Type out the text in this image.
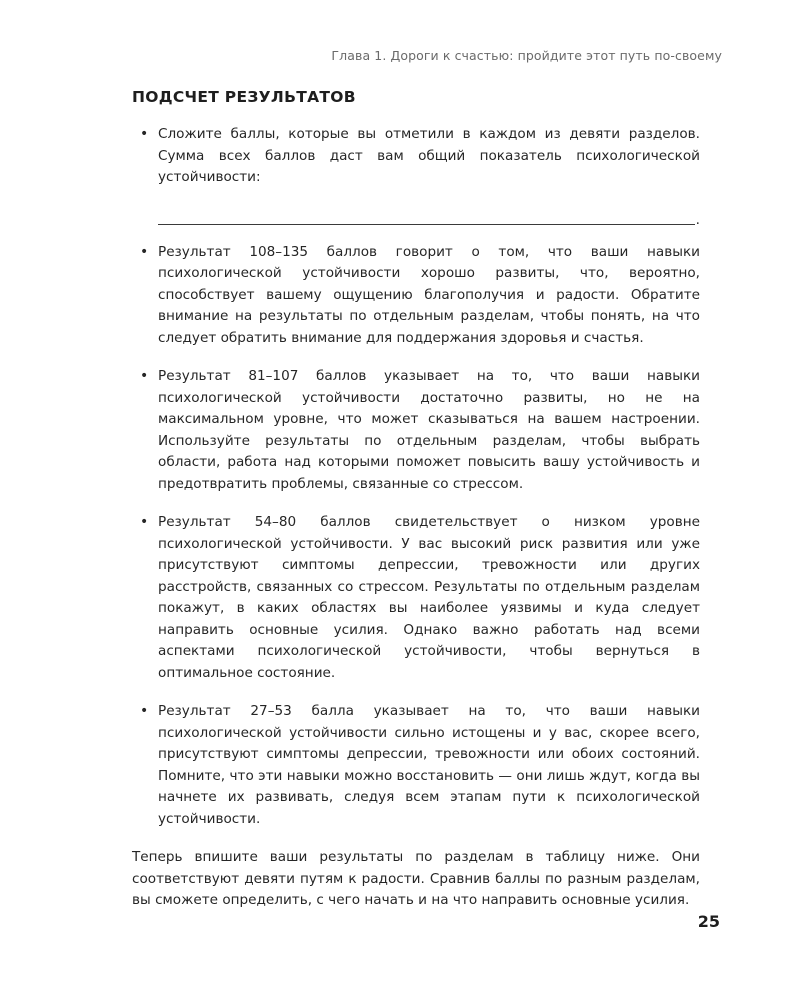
Глава 1. Дороги к счастью: пройдите этот путь по-своему
ПОДСЧЕТ РЕЗУЛЬТАТОВ
• Сложите баллы, которые вы отметили в каждом из девяти разделов. Сумма всех баллов даст вам общий показатель психологической устойчивости:
.
• Результат 108–135 баллов говорит о том, что ваши навыки психологической устойчивости хорошо развиты, что, вероятно, способствует вашему ощущению благополучия и радости. Обратите внимание на результаты по отдельным разделам, чтобы понять, на что следует обратить внимание для поддержания здоровья и счастья.
• Результат 81–107 баллов указывает на то, что ваши навыки психологической устойчивости достаточно развиты, но не на максимальном уровне, что может сказываться на вашем настроении. Используйте результаты по отдельным разделам, чтобы выбрать области, работа над которыми поможет повысить вашу устойчивость и предотвратить проблемы, связанные со стрессом.
• Результат 54–80 баллов свидетельствует о низком уровне психологической устойчивости. У вас высокий риск развития или уже присутствуют симптомы депрессии, тревожности или других расстройств, связанных со стрессом. Результаты по отдельным разделам покажут, в каких областях вы наиболее уязвимы и куда следует направить основные усилия. Однако важно работать над всеми аспектами психологической устойчивости, чтобы вернуться в оптимальное состояние.
• Результат 27–53 балла указывает на то, что ваши навыки психологической устойчивости сильно истощены и у вас, скорее всего, присутствуют симптомы депрессии, тревожности или обоих состояний. Помните, что эти навыки можно восстановить — они лишь ждут, когда вы начнете их развивать, следуя всем этапам пути к психологической устойчивости.

Теперь впишите ваши результаты по разделам в таблицу ниже. Они соответствуют девяти путям к радости. Сравнив баллы по разным разделам, вы сможете определить, с чего начать и на что направить основные усилия.

25
